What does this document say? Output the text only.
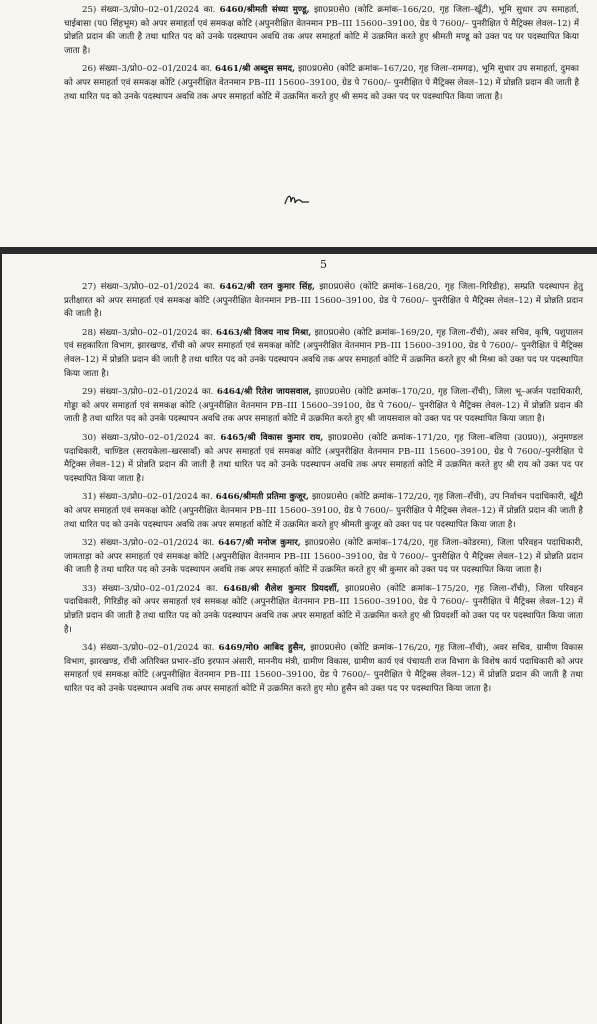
25) संख्या–3/प्रो0–02–01/2024 का. 6460/श्रीमती संध्या मुण्डू, झा0प्र0से0 (कोटि क्रमांक–166/20, गृह जिला–खूँटी), भूमि सुधार उप समाहर्ता, चाईबासा (प0 सिंहभूम) को अपर समाहर्ता एवं समकक्ष कोटि (अपुनरीक्षित वेतनमान PB–III 15600–39100, ग्रेड पे 7600/– पुनरीक्षित पे मैट्रिक्स लेवल–12) में प्रोन्नति प्रदान की जाती है तथा धारित पद को उनके पदस्थापन अवधि तक अपर समाहर्ता कोटि में उत्क्रमित करते हुए श्रीमती मण्डू को उक्त पद पर पदस्थापित किया जाता है।

26) संख्या–3/प्रो0–02–01/2024 का. 6461/श्री अब्दुस समद, झा0प्र0से0 (कोटि क्रमांक–167/20, गृह जिला–रामगढ़), भूमि सुधार उप समाहर्ता, दुमका को अपर समाहर्ता एवं समकक्ष कोटि (अपुनरीक्षित वेतनमान PB–III 15600–39100, ग्रेड पे 7600/– पुनरीक्षित पे मैट्रिक्स लेवल–12) में प्रोन्नति प्रदान की जाती है तथा धारित पद को उनके पदस्थापन अवधि तक अपर समाहर्ता कोटि में उत्क्रमित करते हुए श्री समद को उक्त पद पर पदस्थापित किया जाता है।

5

27) संख्या–3/प्रो0–02–01/2024 का. 6462/श्री रतन कुमार सिंह, झा0प्र0से0 (कोटि क्रमांक–168/20, गृह जिला–गिरिडीह), सम्प्रति पदस्थापन हेतु प्रतीक्षारत को अपर समाहर्ता एवं समकक्ष कोटि (अपुनरीक्षित वेतनमान PB–III 15600–39100, ग्रेड पे 7600/– पुनरीक्षित पे मैट्रिक्स लेवल–12) में प्रोन्नति प्रदान की जाती है।

28) संख्या–3/प्रो0–02–01/2024 का. 6463/श्री विजय नाथ मिश्रा, झा0प्र0से0 (कोटि क्रमांक–169/20, गृह जिला–राँची), अवर सचिव, कृषि, पशुपालन एवं सहकारिता विभाग, झारखण्ड, राँची को अपर समाहर्ता एवं समकक्ष कोटि (अपुनरीक्षित वेतनमान PB–III 15600–39100, ग्रेड पे 7600/– पुनरीक्षित पे मैट्रिक्स लेवल–12) में प्रोन्नति प्रदान की जाती है तथा धारित पद को उनके पदस्थापन अवधि तक अपर समाहर्ता कोटि में उत्क्रमित करते हुए श्री मिश्रा को उक्त पद पर पदस्थापित किया जाता है।

29) संख्या–3/प्रो0–02–01/2024 का. 6464/श्री रितेश जायसवाल, झा0प्र0से0 (कोटि क्रमांक–170/20, गृह जिला–राँची), जिला भू–अर्जन पदाधिकारी, गोड्डा को अपर समाहर्ता एवं समकक्ष कोटि (अपुनरीक्षित वेतनमान PB–III 15600–39100, ग्रेड पे 7600/– पुनरीक्षित पे मैट्रिक्स लेवल–12) में प्रोन्नति प्रदान की जाती है तथा धारित पद को उनके पदस्थापन अवधि तक अपर समाहर्ता कोटि में उत्क्रमित करते हुए श्री जायसवाल को उक्त पद पर पदस्थापित किया जाता है।

30) संख्या–3/प्रो0–02–01/2024 का. 6465/श्री विकास कुमार राय, झा0प्र0से0 (कोटि क्रमांक–171/20, गृह जिला–बलिया (उ0प्र0)), अनुमण्डल पदाधिकारी, चाण्डिल (सरायकेला–खरसावाँ) को अपर समाहर्ता एवं समकक्ष कोटि (अपुनरीक्षित वेतनमान PB–III 15600–39100, ग्रेड पे 7600/–पुनरीक्षित पे मैट्रिक्स लेवल–12) में प्रोन्नति प्रदान की जाती है तथा धारित पद को उनके पदस्थापन अवधि तक अपर समाहर्ता कोटि में उत्क्रमित करते हुए श्री राय को उक्त पद पर पदस्थापित किया जाता है।

31) संख्या–3/प्रो0–02–01/2024 का. 6466/श्रीमती प्रतिमा कुजूर, झा0प्र0से0 (कोटि क्रमांक–172/20, गृह जिला–राँची), उप निर्वाचन पदाधिकारी, खूँटी को अपर समाहर्ता एवं समकक्ष कोटि (अपुनरीक्षित वेतनमान PB–III 15600–39100, ग्रेड पे 7600/– पुनरीक्षित पे मैट्रिक्स लेवल–12) में प्रोन्नति प्रदान की जाती है तथा धारित पद को उनके पदस्थापन अवधि तक अपर समाहर्ता कोटि में उत्क्रमित करते हुए श्रीमती कुजूर को उक्त पद पर पदस्थापित किया जाता है।

32) संख्या–3/प्रो0–02–01/2024 का. 6467/श्री मनोज कुमार, झा0प्र0से0 (कोटि क्रमांक–174/20, गृह जिला–कोडरमा), जिला परिवहन पदाधिकारी, जामताड़ा को अपर समाहर्ता एवं समकक्ष कोटि (अपुनरीक्षित वेतनमान PB–III 15600–39100, ग्रेड पे 7600/– पुनरीक्षित पे मैट्रिक्स लेवल–12) में प्रोन्नति प्रदान की जाती है तथा धारित पद को उनके पदस्थापन अवधि तक अपर समाहर्ता कोटि में उत्क्रमित करते हुए श्री कुमार को उक्त पद पर पदस्थापित किया जाता है।

33) संख्या–3/प्रो0–02–01/2024 का. 6468/श्री शैलेश कुमार प्रियदर्शी, झा0प्र0से0 (कोटि क्रमांक–175/20, गृह जिला–राँची), जिला परिवहन पदाधिकारी, गिरिडीह को अपर समाहर्ता एवं समकक्ष कोटि (अपुनरीक्षित वेतनमान PB–III 15600–39100, ग्रेड पे 7600/– पुनरीक्षित पे मैट्रिक्स लेवल–12) में प्रोन्नति प्रदान की जाती है तथा धारित पद को उनके पदस्थापन अवधि तक अपर समाहर्ता कोटि में उत्क्रमित करते हुए श्री प्रियदर्शी को उक्त पद पर पदस्थापित किया जाता है।

34) संख्या–3/प्रो0–02–01/2024 का. 6469/मो0 आबिद हुसैन, झा0प्र0से0 (कोटि क्रमांक–176/20, गृह जिला–राँची), अवर सचिव, ग्रामीण विकास विभाग, झारखण्ड, राँची अतिरिक्त प्रभार–डॉ0 इरफान अंसारी, माननीय मंत्री, ग्रामीण विकास, ग्रामीण कार्य एवं पंचायती राज विभाग के विशेष कार्य पदाधिकारी को अपर समाहर्ता एवं समकक्ष कोटि (अपुनरीक्षित वेतनमान PB–III 15600–39100, ग्रेड पे 7600/– पुनरीक्षित पे मैट्रिक्स लेवल–12) में प्रोन्नति प्रदान की जाती है तथा धारित पद को उनके पदस्थापन अवधि तक अपर समाहर्ता कोटि में उत्क्रमित करते हुए मो0 हुसैन को उक्त पद पर पदस्थापित किया जाता है।
